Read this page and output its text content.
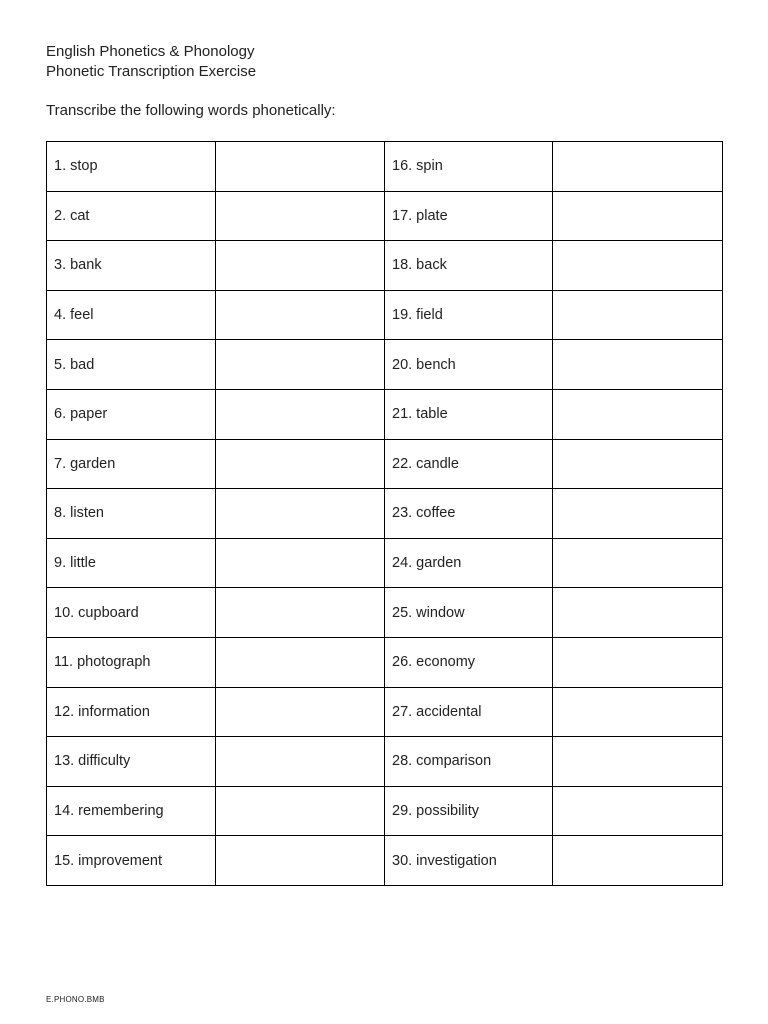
English Phonetics & Phonology
Phonetic Transcription Exercise
Transcribe the following words phonetically:
1. stop		16. spin	
2. cat		17. plate	
3. bank		18. back	
4. feel		19. field	
5. bad		20. bench	
6. paper		21. table	
7. garden		22. candle	
8. listen		23. coffee	
9. little		24. garden	
10. cupboard		25. window	
11. photograph		26. economy	
12. information		27. accidental	
13. difficulty		28. comparison	
14. remembering		29. possibility	
15. improvement		30. investigation	
E.PHONO.BMB
